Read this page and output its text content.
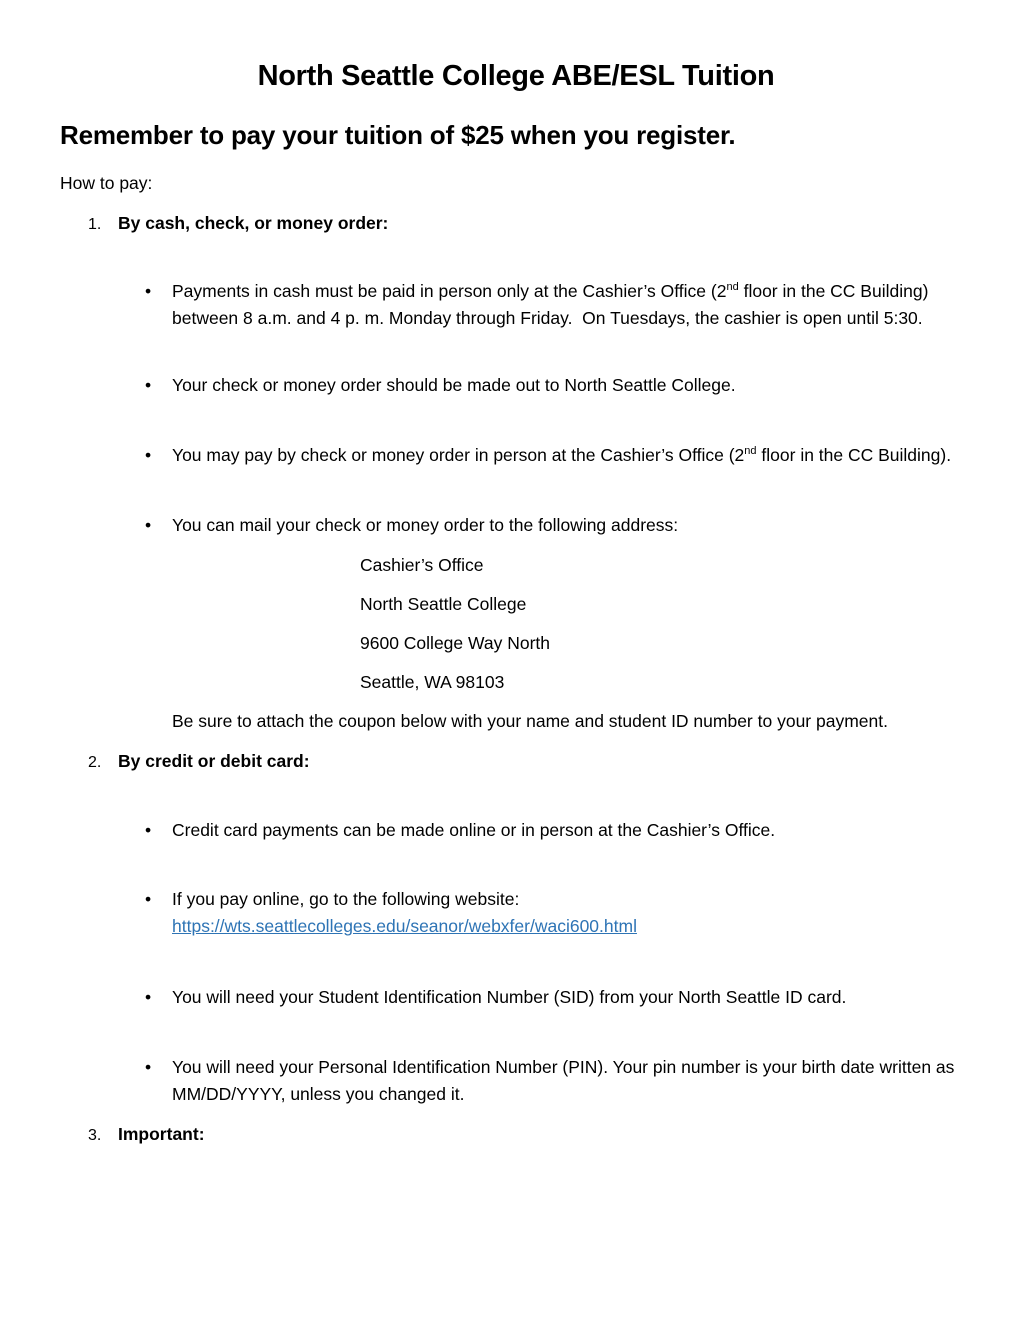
North Seattle College ABE/ESL Tuition
Remember to pay your tuition of $25 when you register.

How to pay:

1. By cash, check, or money order:
• Payments in cash must be paid in person only at the Cashier’s Office (2nd floor in the CC Building) between 8 a.m. and 4 p. m. Monday through Friday.  On Tuesdays, the cashier is open until 5:30.

• Your check or money order should be made out to North Seattle College.

• You may pay by check or money order in person at the Cashier’s Office (2nd floor in the CC Building).

• You can mail your check or money order to the following address:

Cashier’s Office
North Seattle College
9600 College Way North
Seattle, WA 98103

Be sure to attach the coupon below with your name and student ID number to your payment.

2. By credit or debit card:
• Credit card payments can be made online or in person at the Cashier’s Office.

• If you pay online, go to the following website:
https://wts.seattlecolleges.edu/seanor/webxfer/waci600.html

• You will need your Student Identification Number (SID) from your North Seattle ID card.

• You will need your Personal Identification Number (PIN). Your pin number is your birth date written as MM/DD/YYYY, unless you changed it.

3. Important:
